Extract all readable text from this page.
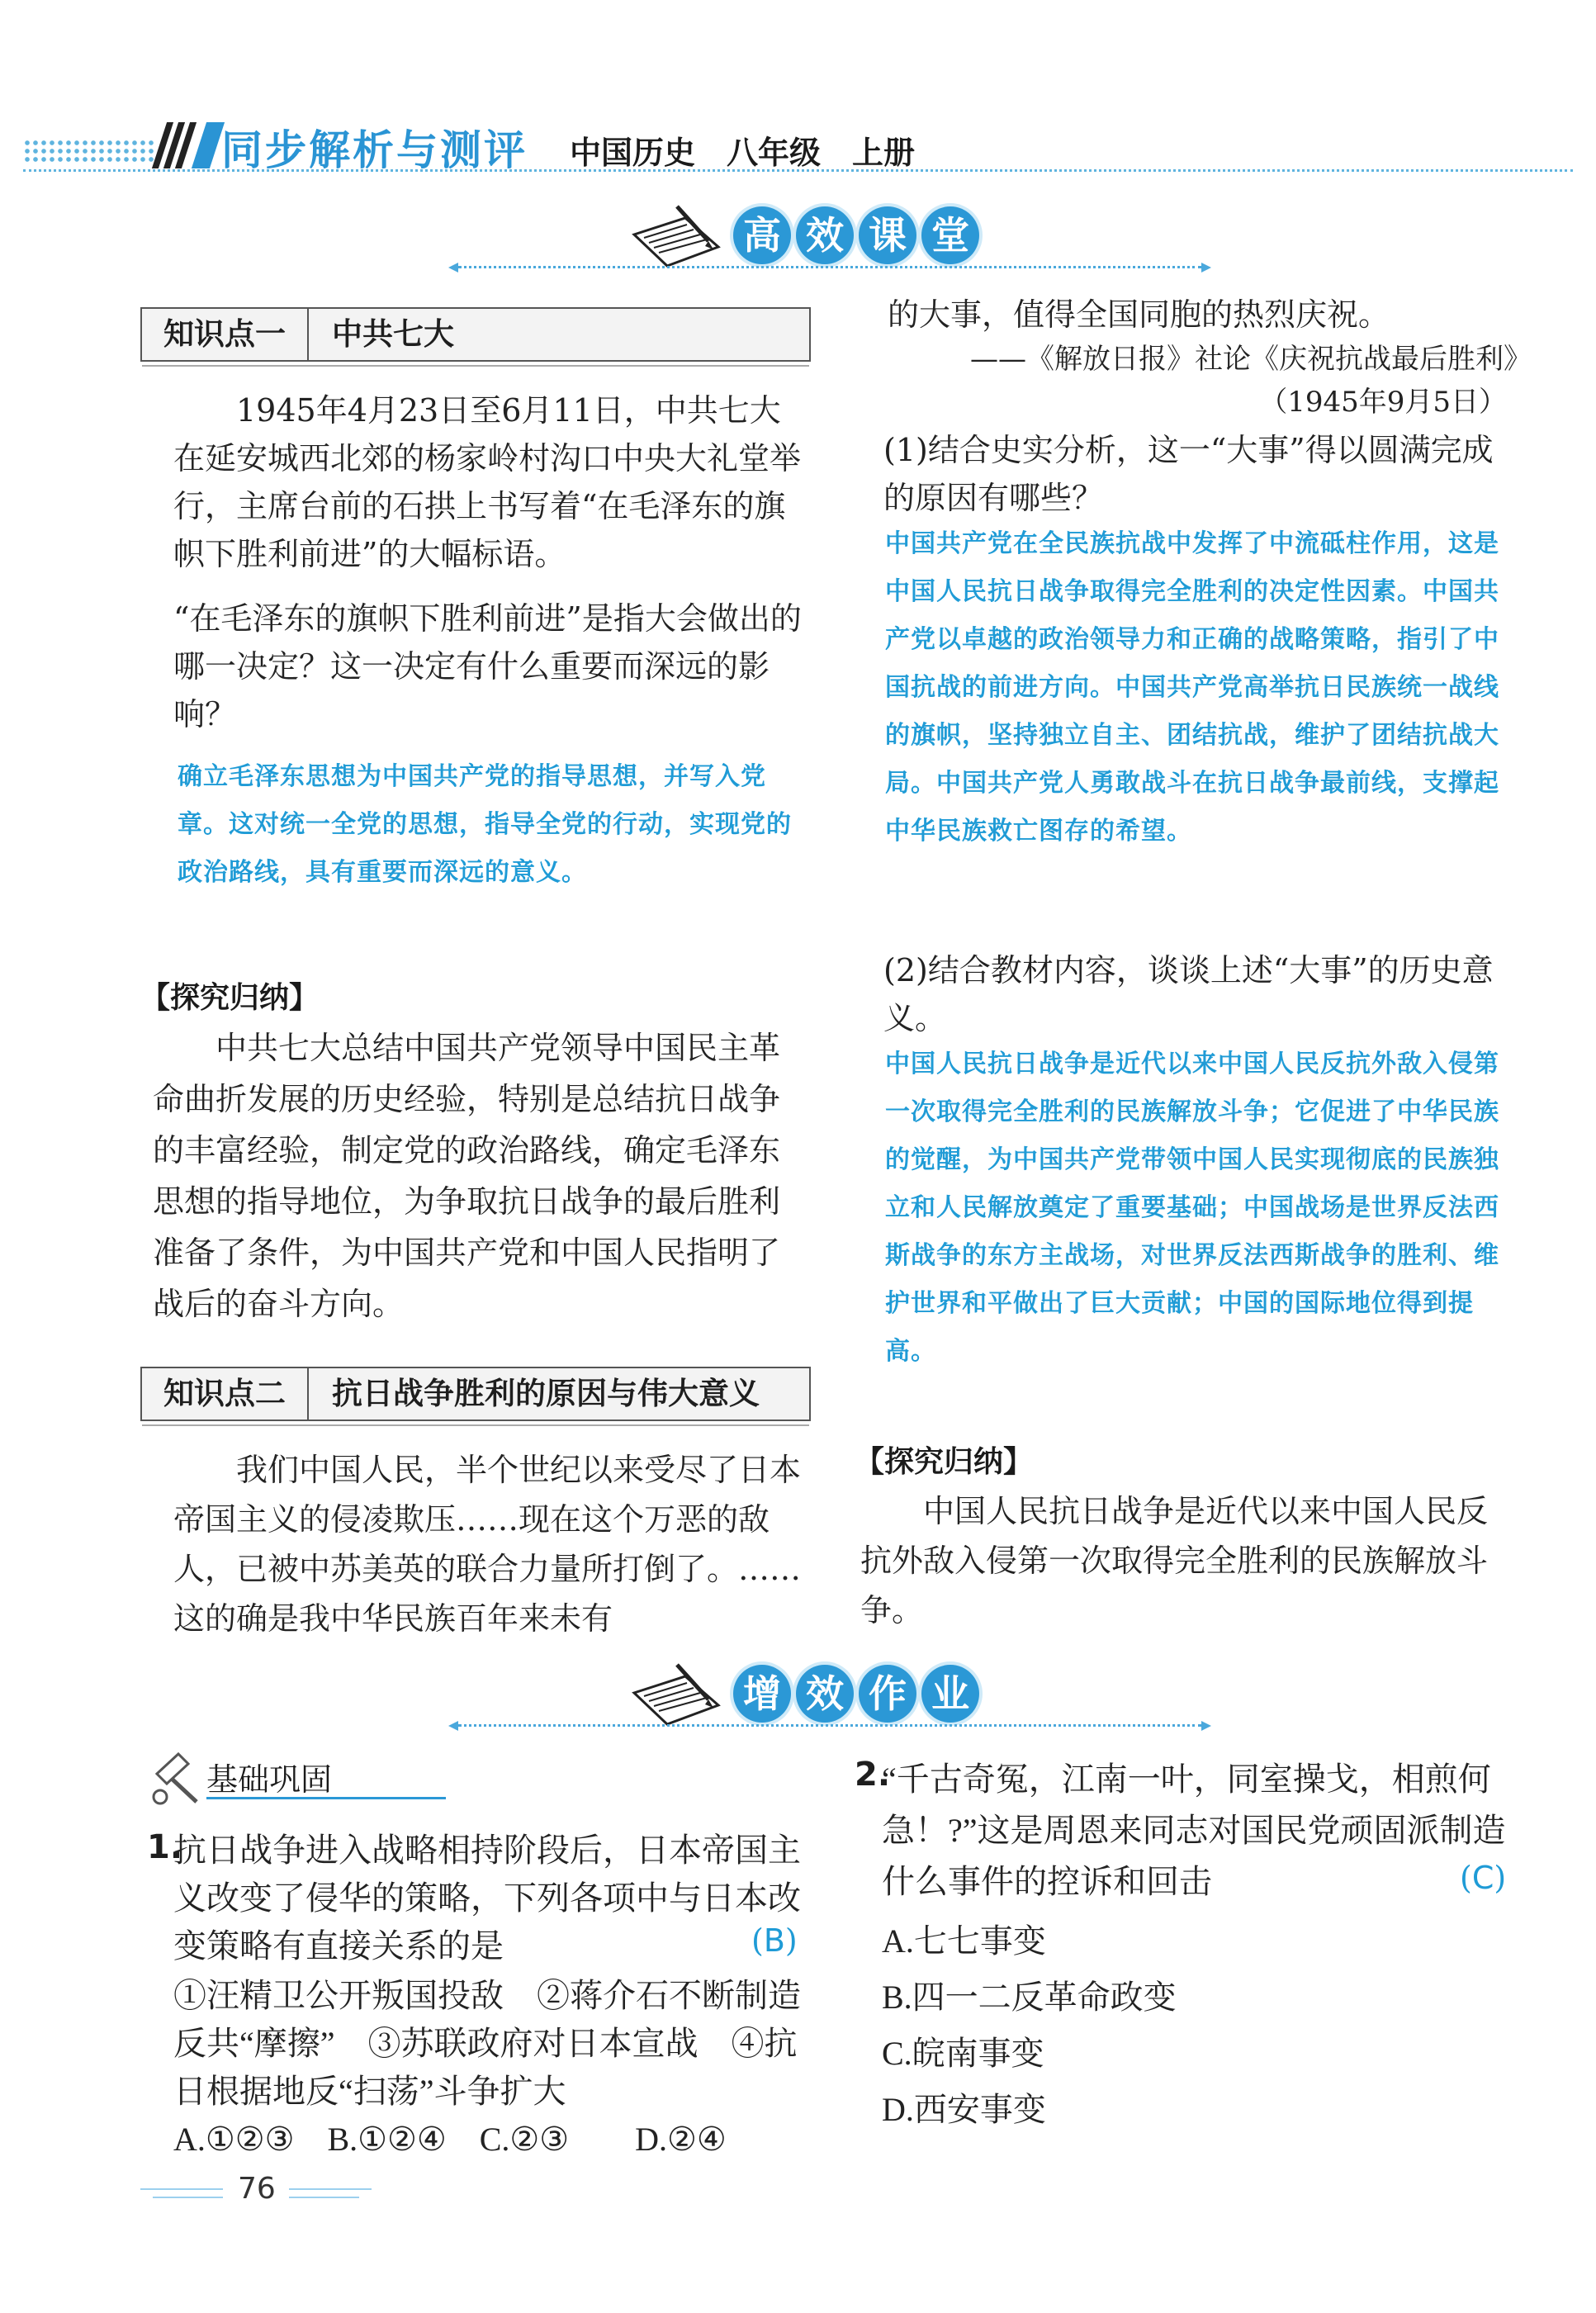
同步解析与测评 中国历史　八年级　上册
高 效 课 堂
知识点一	中共七大

1945年4月23日至6月11日，中共七大在延安城西北郊的杨家岭村沟口中央大礼堂举行，主席台前的石拱上书写着“在毛泽东的旗帜下胜利前进”的大幅标语。

“在毛泽东的旗帜下胜利前进”是指大会做出的哪一决定？这一决定有什么重要而深远的影响？

确立毛泽东思想为中国共产党的指导思想，并写入党章。这对统一全党的思想，指导全党的行动，实现党的政治路线，具有重要而深远的意义。

【探究归纳】

中共七大总结中国共产党领导中国民主革命曲折发展的历史经验，特别是总结抗日战争的丰富经验，制定党的政治路线，确定毛泽东思想的指导地位，为争取抗日战争的最后胜利准备了条件，为中国共产党和中国人民指明了战后的奋斗方向。

知识点二	抗日战争胜利的原因与伟大意义

我们中国人民，半个世纪以来受尽了日本帝国主义的侵凌欺压……现在这个万恶的敌人，已被中苏美英的联合力量所打倒了。……这的确是我中华民族百年来未有

的大事，值得全国同胞的热烈庆祝。

——《解放日报》社论《庆祝抗战最后胜利》

（1945年9月5日）

(1)结合史实分析，这一“大事”得以圆满完成的原因有哪些？

中国共产党在全民族抗战中发挥了中流砥柱作用，这是中国人民抗日战争取得完全胜利的决定性因素。中国共产党以卓越的政治领导力和正确的战略策略，指引了中国抗战的前进方向。中国共产党高举抗日民族统一战线的旗帜，坚持独立自主、团结抗战，维护了团结抗战大局。中国共产党人勇敢战斗在抗日战争最前线，支撑起中华民族救亡图存的希望。

(2)结合教材内容，谈谈上述“大事”的历史意义。

中国人民抗日战争是近代以来中国人民反抗外敌入侵第一次取得完全胜利的民族解放斗争；它促进了中华民族的觉醒，为中国共产党带领中国人民实现彻底的民族独立和人民解放奠定了重要基础；中国战场是世界反法西斯战争的东方主战场，对世界反法西斯战争的胜利、维护世界和平做出了巨大贡献；中国的国际地位得到提高。

【探究归纳】

中国人民抗日战争是近代以来中国人民反抗外敌入侵第一次取得完全胜利的民族解放斗争。

增 效 作 业
基础巩固
1.

抗日战争进入战略相持阶段后，日本帝国主义改变了侵华的策略，下列各项中与日本改变策略有直接关系的是	(B)

①汪精卫公开叛国投敌　②蒋介石不断制造反共“摩擦”　③苏联政府对日本宣战　④抗日根据地反“扫荡”斗争扩大

A.①②③　B.①②④　C.②③　　D.②④
2.

“千古奇冤，江南一叶，同室操戈，相煎何急！?”这是周恩来同志对国民党顽固派制造什么事件的控诉和回击	(C)
A.七七事变
B.四一二反革命政变
C.皖南事变
D.西安事变
76
